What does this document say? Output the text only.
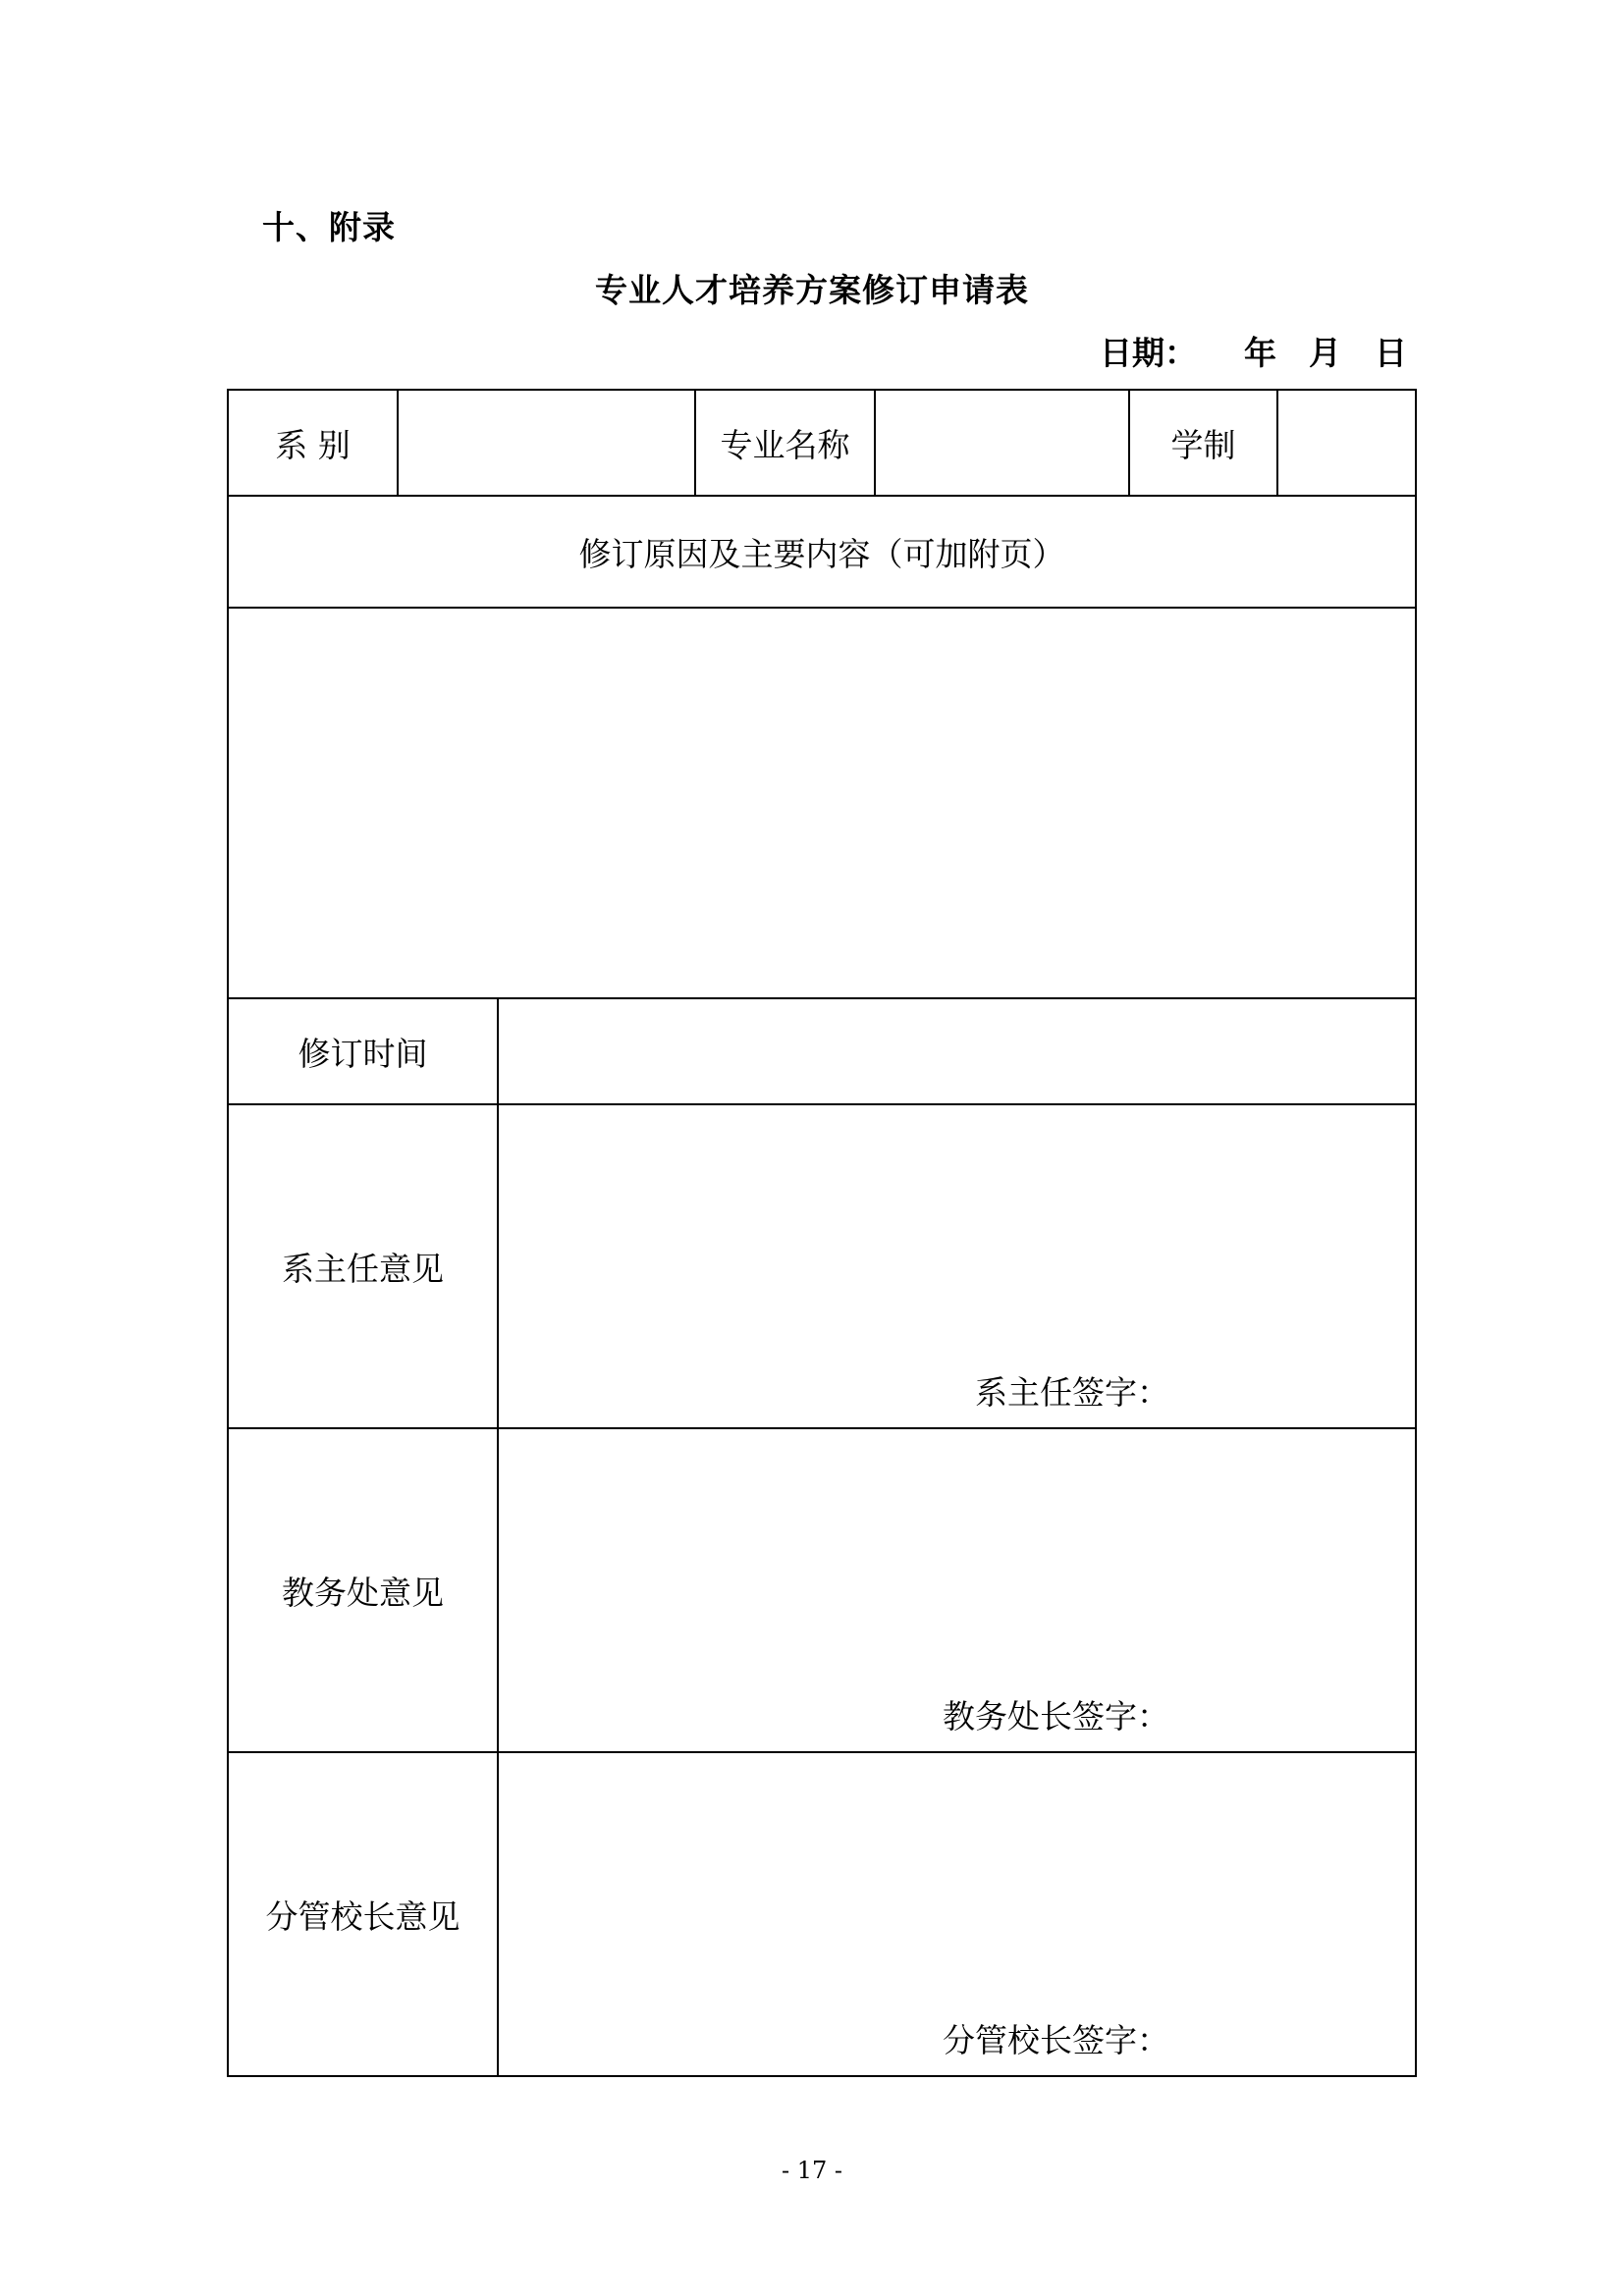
十、附录
专业人才培养方案修订申请表
日期： 年 月 日
系 别			专业名称		学制	
修订原因及主要内容（可加附页）						

修订时间						
系主任意见		系主任签字：				

教务处意见		教务处长签字：				

分管校长意见		分管校长签字：				
- 17 -
